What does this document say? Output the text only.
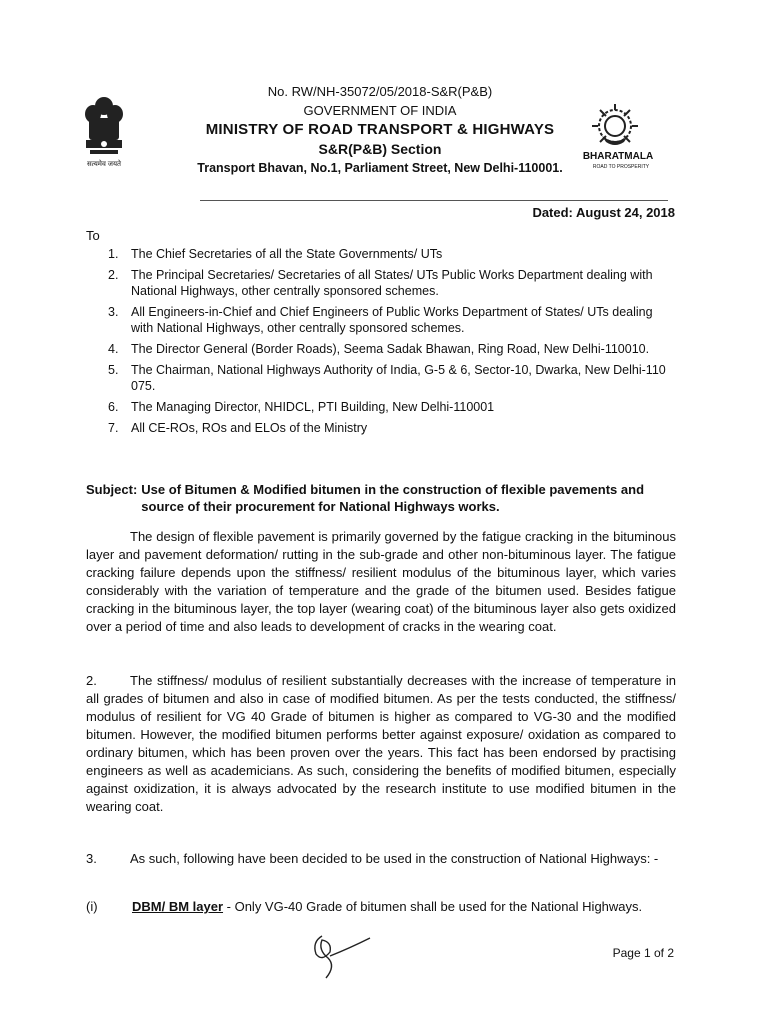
सत्यमेव जयते
No. RW/NH-35072/05/2018-S&R(P&B)
GOVERNMENT OF INDIA
MINISTRY OF ROAD TRANSPORT & HIGHWAYS
S&R(P&B) Section
Transport Bhavan, No.1, Parliament Street, New Delhi-110001.
BHARATMALA
ROAD TO PROSPERITY
Dated: August 24, 2018
To
1.	The Chief Secretaries of all the State Governments/ UTs
2.	The Principal Secretaries/ Secretaries of all States/ UTs Public Works Department dealing with National Highways, other centrally sponsored schemes.
3.	All Engineers-in-Chief and Chief Engineers of Public Works Department of States/ UTs dealing with National Highways, other centrally sponsored schemes.
4.	The Director General (Border Roads), Seema Sadak Bhawan, Ring Road, New Delhi-110010.
5.	The Chairman, National Highways Authority of India, G-5 & 6, Sector-10, Dwarka, New Delhi-110 075.
6.	The Managing Director, NHIDCL, PTI Building, New Delhi-110001
7.	All CE-ROs, ROs and ELOs of the Ministry
Subject: Use of Bitumen & Modified bitumen in the construction of flexible pavements and source of their procurement for National Highways works.
The design of flexible pavement is primarily governed by the fatigue cracking in the bituminous layer and pavement deformation/ rutting in the sub-grade and other non-bituminous layer. The fatigue cracking failure depends upon the stiffness/ resilient modulus of the bituminous layer, which varies considerably with the variation of temperature and the grade of the bitumen used. Besides fatigue cracking in the bituminous layer, the top layer (wearing coat) of the bituminous layer also gets oxidized over a period of time and also leads to development of cracks in the wearing coat.
2.	The stiffness/ modulus of resilient substantially decreases with the increase of temperature in all grades of bitumen and also in case of modified bitumen. As per the tests conducted, the stiffness/ modulus of resilient for VG 40 Grade of bitumen is higher as compared to VG-30 and the modified bitumen. However, the modified bitumen performs better against exposure/ oxidation as compared to ordinary bitumen, which has been proven over the years. This fact has been endorsed by practising engineers as well as academicians. As such, considering the benefits of modified bitumen, especially against oxidization, it is always advocated by the research institute to use modified bitumen in the wearing coat.
3.	As such, following have been decided to be used in the construction of National Highways: -
(i)	DBM/ BM layer - Only VG-40 Grade of bitumen shall be used for the National Highways.
Page 1 of 2
